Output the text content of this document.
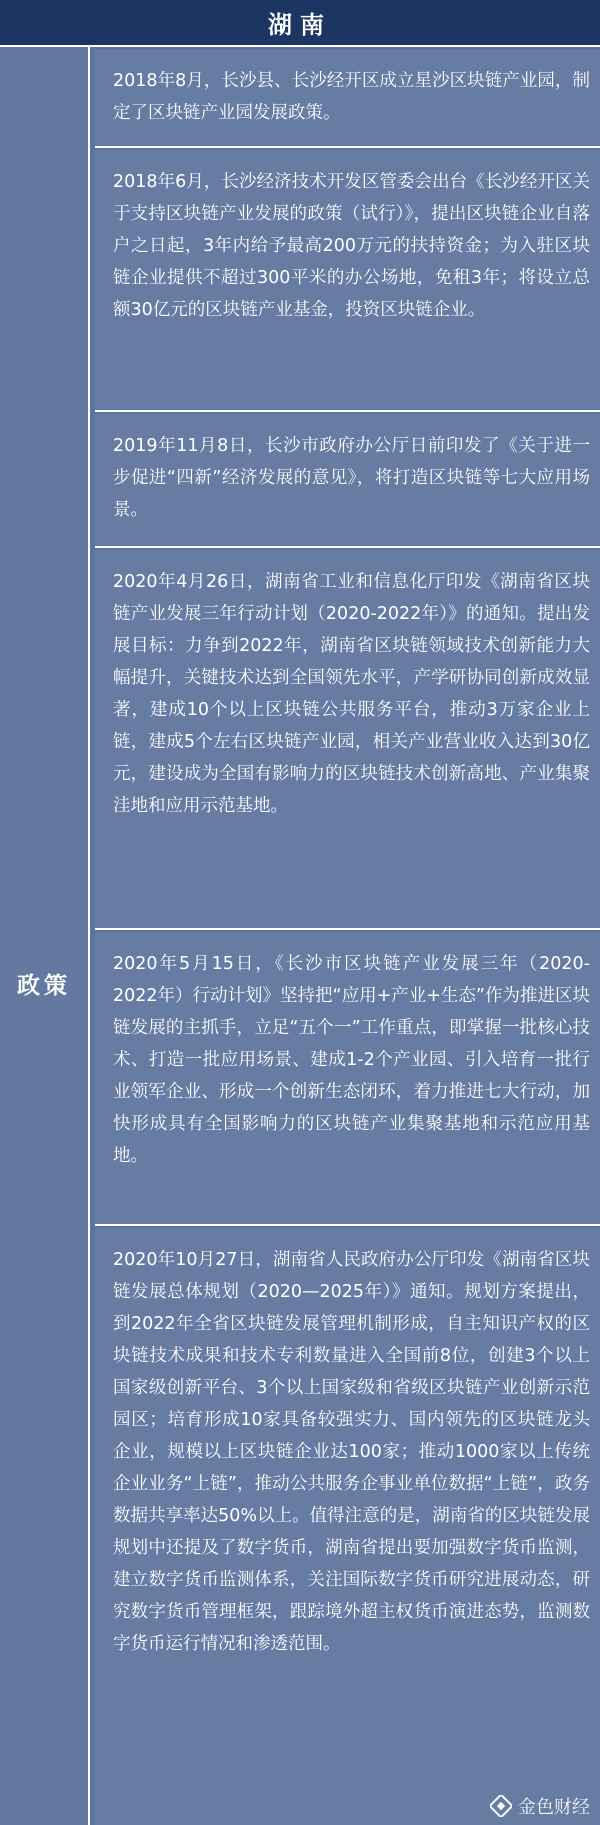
湖南
政策
2018年8月，长沙县、长沙经开区成立星沙区块链产业园，制定了区块链产业园发展政策。
2018年6月，长沙经济技术开发区管委会出台《长沙经开区关于支持区块链产业发展的政策（试行）》，提出区块链企业自落户之日起，3年内给予最高200万元的扶持资金；为入驻区块链企业提供不超过300平米的办公场地，免租3年；将设立总额30亿元的区块链产业基金，投资区块链企业。
2019年11月8日，长沙市政府办公厅日前印发了《关于进一步促进“四新”经济发展的意见》，将打造区块链等七大应用场景。
2020年4月26日，湖南省工业和信息化厅印发《湖南省区块链产业发展三年行动计划（2020-2022年）》的通知。提出发展目标：力争到2022年，湖南省区块链领域技术创新能力大幅提升，关键技术达到全国领先水平，产学研协同创新成效显著，建成10个以上区块链公共服务平台，推动3万家企业上链，建成5个左右区块链产业园，相关产业营业收入达到30亿元，建设成为全国有影响力的区块链技术创新高地、产业集聚洼地和应用示范基地。
2020年5月15日，《长沙市区块链产业发展三年（2020-2022年）行动计划》坚持把“应用+产业+生态”作为推进区块链发展的主抓手，立足“五个一”工作重点，即掌握一批核心技术、打造一批应用场景、建成1-2个产业园、引入培育一批行业领军企业、形成一个创新生态闭环，着力推进七大行动，加快形成具有全国影响力的区块链产业集聚基地和示范应用基地。
2020年10月27日，湖南省人民政府办公厅印发《湖南省区块链发展总体规划（2020—2025年）》通知。规划方案提出，到2022年全省区块链发展管理机制形成，自主知识产权的区块链技术成果和技术专利数量进入全国前8位，创建3个以上国家级创新平台、3个以上国家级和省级区块链产业创新示范园区；培育形成10家具备较强实力、国内领先的区块链龙头企业，规模以上区块链企业达100家；推动1000家以上传统企业业务“上链”，推动公共服务企事业单位数据“上链”，政务数据共享率达50%以上。值得注意的是，湖南省的区块链发展规划中还提及了数字货币，湖南省提出要加强数字货币监测，建立数字货币监测体系，关注国际数字货币研究进展动态，研究数字货币管理框架，跟踪境外超主权货币演进态势，监测数字货币运行情况和渗透范围。
金色财经
